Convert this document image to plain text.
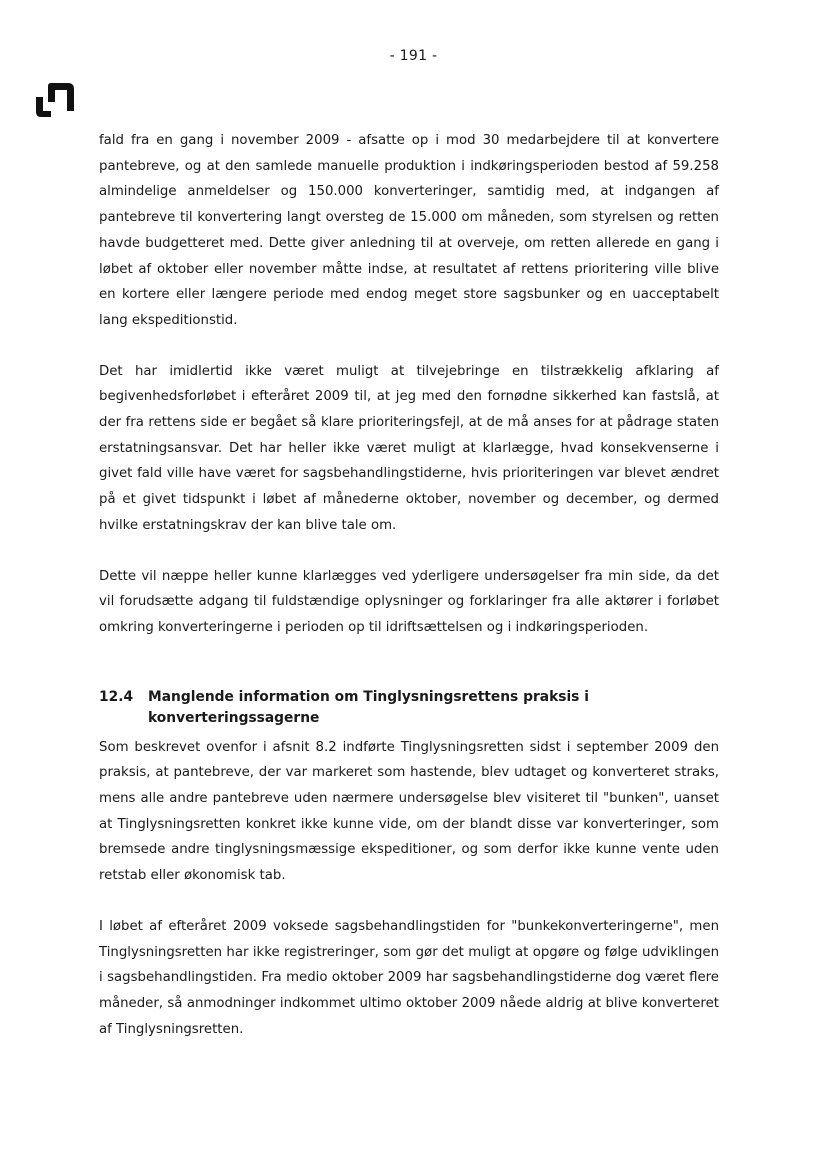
- 191 -

fald fra en gang i november 2009 - afsatte op i mod 30 medarbejdere til at konvertere pantebreve, og at den samlede manuelle produktion i indkøringsperioden bestod af 59.258 almindelige anmeldelser og 150.000 konverteringer, samtidig med, at indgangen af pantebreve til konvertering langt oversteg de 15.000 om måneden, som styrelsen og retten havde budgetteret med. Dette giver anledning til at overveje, om retten allerede en gang i løbet af oktober eller november måtte indse, at resultatet af rettens prioritering ville blive en kortere eller længere periode med endog meget store sagsbunker og en uacceptabelt lang ekspeditionstid.

Det har imidlertid ikke været muligt at tilvejebringe en tilstrækkelig afklaring af begivenhedsforløbet i efteråret 2009 til, at jeg med den fornødne sikkerhed kan fastslå, at der fra rettens side er begået så klare prioriteringsfejl, at de må anses for at pådrage staten erstatningsansvar. Det har heller ikke været muligt at klarlægge, hvad konsekvenserne i givet fald ville have været for sagsbehandlingstiderne, hvis prioriteringen var blevet ændret på et givet tidspunkt i løbet af månederne oktober, november og december, og dermed hvilke erstatningskrav der kan blive tale om.

Dette vil næppe heller kunne klarlægges ved yderligere undersøgelser fra min side, da det vil forudsætte adgang til fuldstændige oplysninger og forklaringer fra alle aktører i forløbet omkring konverteringerne i perioden op til idriftsættelsen og i indkøringsperioden.

12.4	Manglende information om Tinglysningsrettens praksis i konverteringssagerne

Som beskrevet ovenfor i afsnit 8.2 indførte Tinglysningsretten sidst i september 2009 den praksis, at pantebreve, der var markeret som hastende, blev udtaget og konverteret straks, mens alle andre pantebreve uden nærmere undersøgelse blev visiteret til "bunken", uanset at Tinglysningsretten konkret ikke kunne vide, om der blandt disse var konverteringer, som bremsede andre tinglysningsmæssige ekspeditioner, og som derfor ikke kunne vente uden retstab eller økonomisk tab.

I løbet af efteråret 2009 voksede sagsbehandlingstiden for "bunkekonverteringerne", men Tinglysningsretten har ikke registreringer, som gør det muligt at opgøre og følge udviklingen i sagsbehandlingstiden. Fra medio oktober 2009 har sagsbehandlingstiderne dog været flere måneder, så anmodninger indkommet ultimo oktober 2009 nåede aldrig at blive konverteret af Tinglysningsretten.
